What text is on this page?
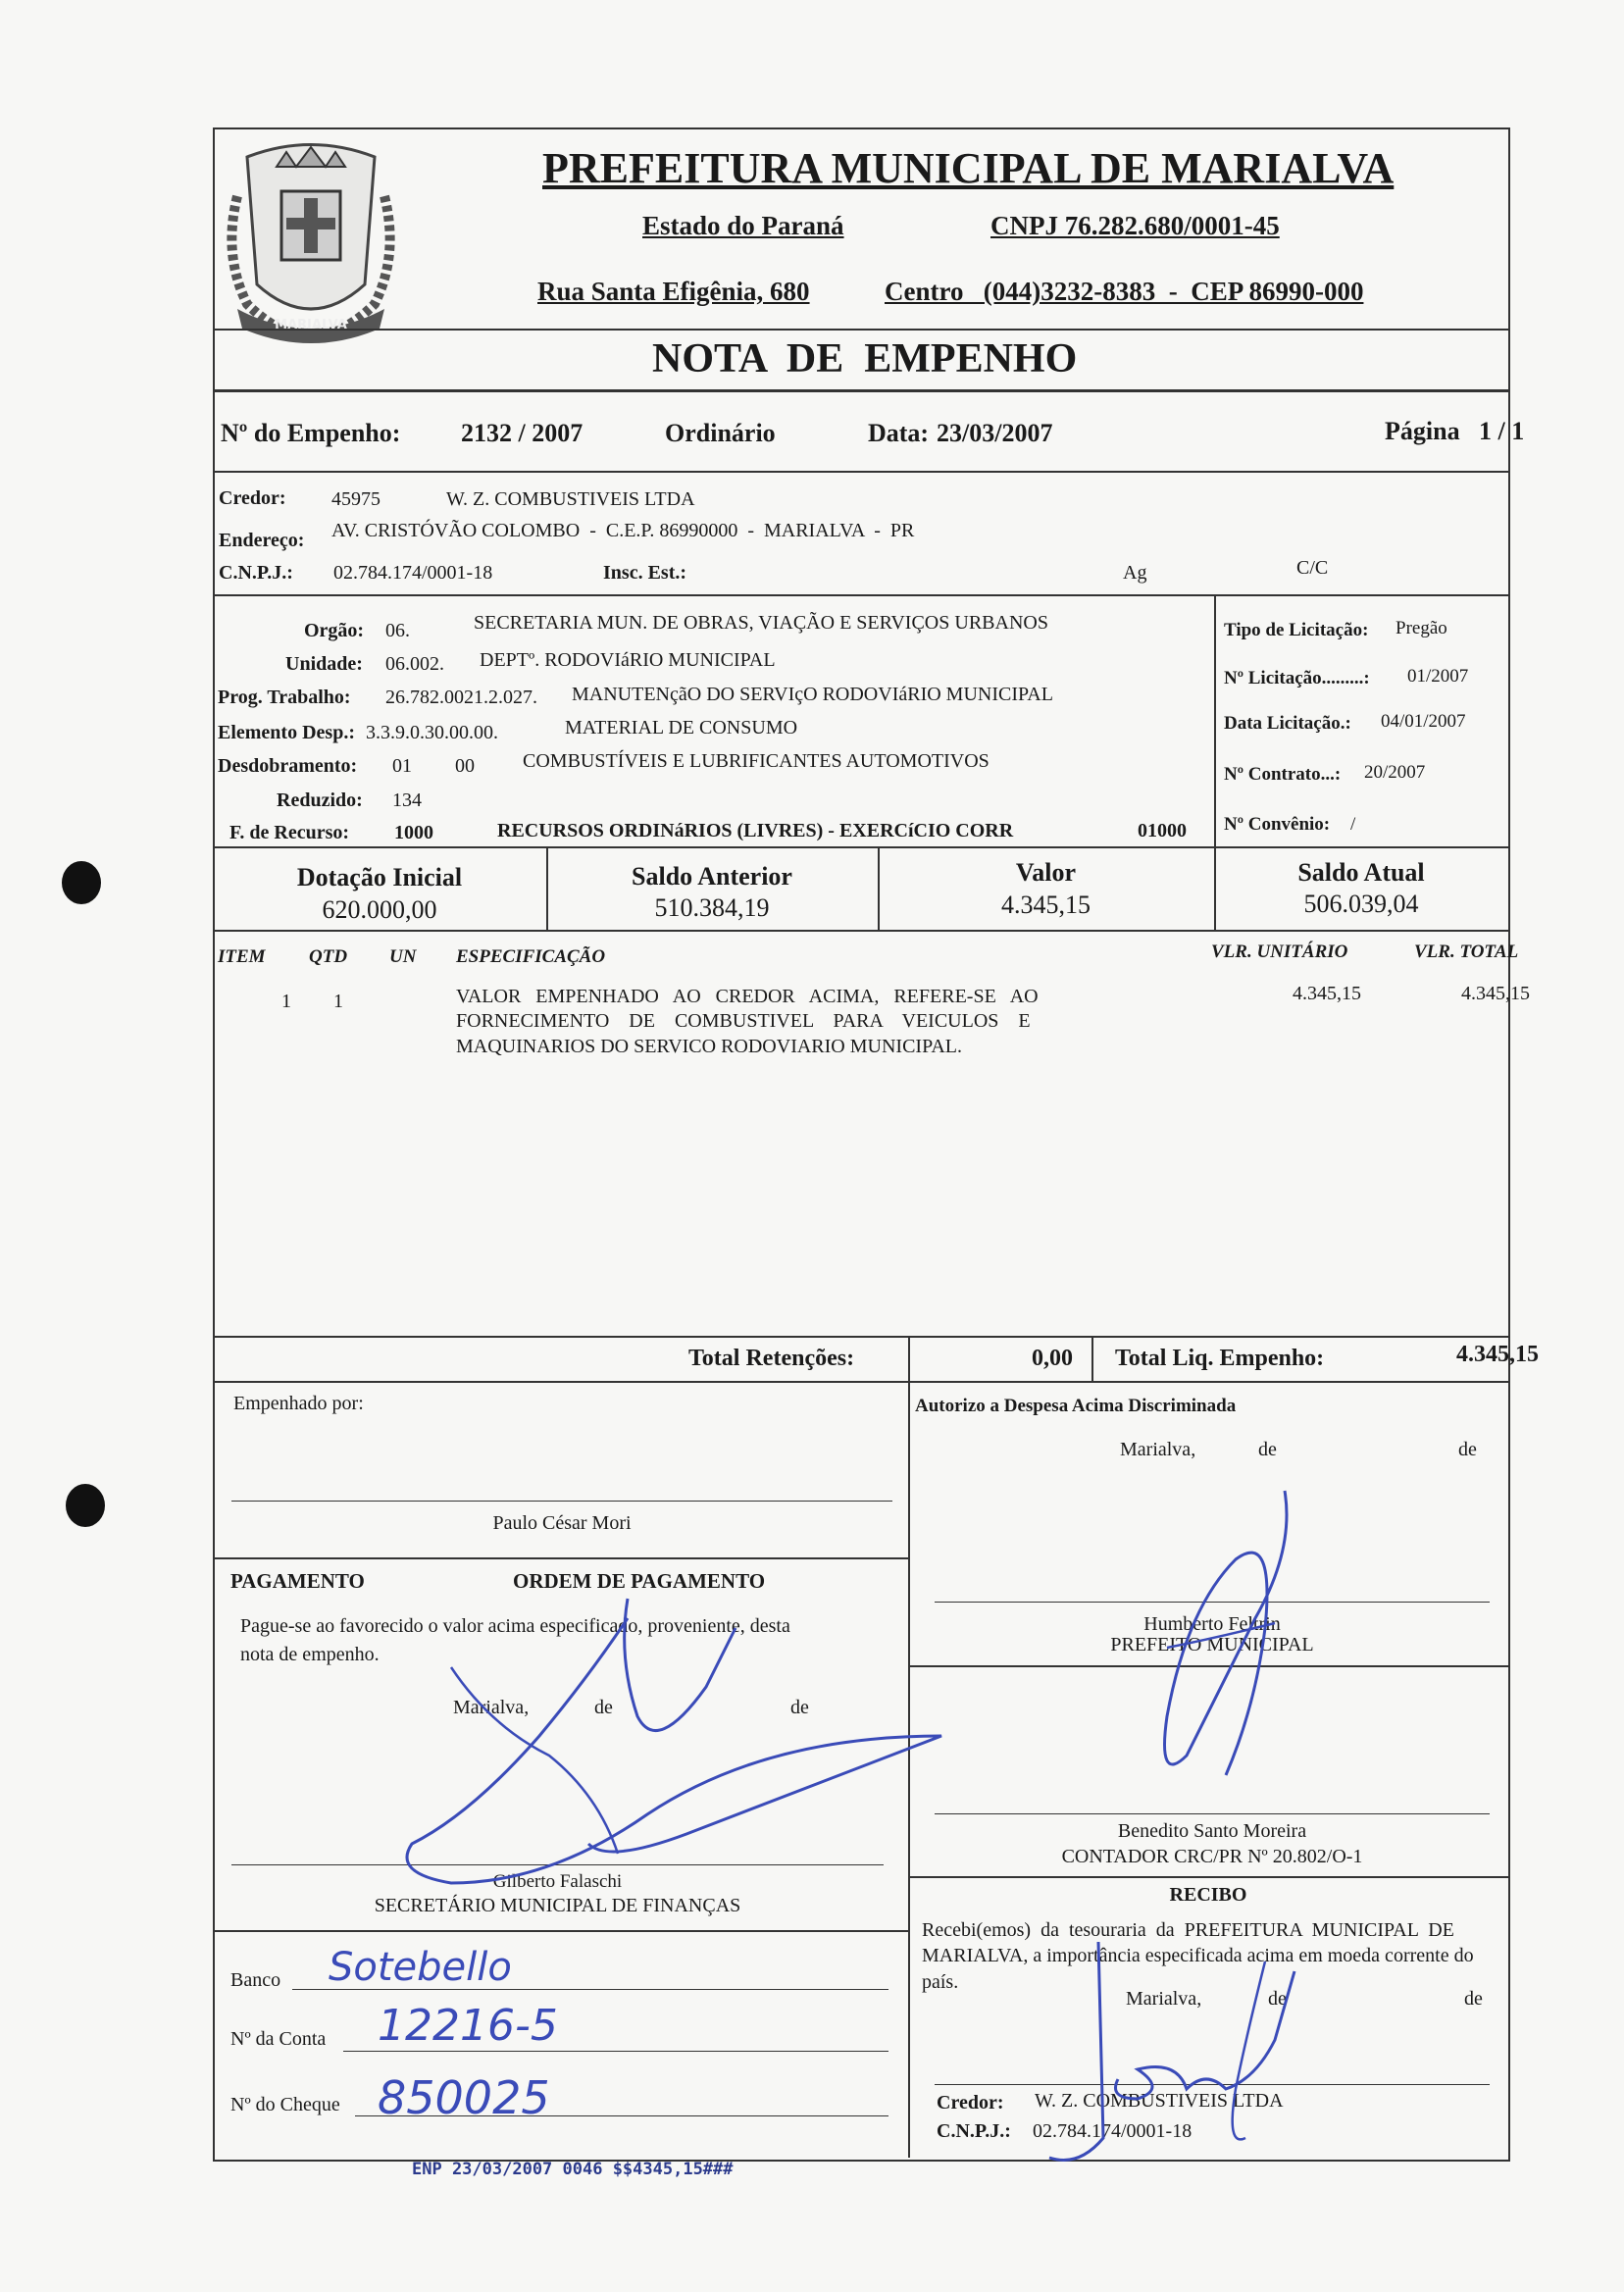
MARIALVA
PREFEITURA MUNICIPAL DE MARIALVA
Estado do Paraná	CNPJ 76.282.680/0001-45
Rua Santa Efigênia, 680	Centro   (044)3232-8383  -  CEP 86990-000
NOTA  DE  EMPENHO
Nº do Empenho: 2132 / 2007	Ordinário	Data: 23/03/2007	Página 1 / 1
Credor: 45975	W. Z. COMBUSTIVEIS LTDA
Endereço: AV. CRISTÓVÃO COLOMBO  -  C.E.P. 86990000  -  MARIALVA  -  PR
C.N.P.J.: 02.784.174/0001-18	Insc. Est.:	Ag	C/C
Orgão: 06.	SECRETARIA MUN. DE OBRAS, VIAÇÃO E SERVIÇOS URBANOS
Unidade: 06.002. DEPTº. RODOVIáRIO MUNICIPAL
Prog. Trabalho: 26.782.0021.2.027. MANUTENçãO DO SERVIçO RODOVIáRIO MUNICIPAL
Elemento Desp.: 3.3.9.0.30.00.00.	MATERIAL DE CONSUMO
Desdobramento: 01 00 COMBUSTÍVEIS E LUBRIFICANTES AUTOMOTIVOS
Reduzido: 134
F. de Recurso: 1000	RECURSOS ORDINáRIOS (LIVRES) - EXERCíCIO CORR	01000
Tipo de Licitação: Pregão
Nº Licitação.........: 01/2007
Data Licitação.: 04/01/2007
Nº Contrato...: 20/2007
Nº Convênio: /
Dotação Inicial
620.000,00
Saldo Anterior
510.384,19
Valor
4.345,15
Saldo Atual
506.039,04
ITEM QTD UN ESPECIFICAÇÃO	VLR. UNITÁRIO	VLR. TOTAL
1 1	VALOR   EMPENHADO   AO   CREDOR   ACIMA,   REFERE-SE   AO
FORNECIMENTO    DE    COMBUSTIVEL    PARA    VEICULOS    E
MAQUINARIOS DO SERVICO RODOVIARIO MUNICIPAL.
4.345,15	4.345,15
Total Retenções:	0,00 Total Liq. Empenho:	4.345,15
Empenhado por:
Paulo César Mori
PAGAMENTO	ORDEM DE PAGAMENTO
Pague-se ao favorecido o valor acima especificado, proveniente, desta
nota de empenho.
Marialva,	de	de
Gilberto Falaschi
SECRETÁRIO MUNICIPAL DE FINANÇAS
Banco Sotebello
Nº da Conta 12216-5
Nº do Cheque 850025
Autorizo a Despesa Acima Discriminada
Marialva,	de	de
Humberto Feltrin
PREFEITO MUNICIPAL
Benedito Santo Moreira
CONTADOR CRC/PR Nº 20.802/O-1
RECIBO
Recebi(emos)  da  tesouraria  da  PREFEITURA  MUNICIPAL  DE
MARIALVA, a importância especificada acima em moeda corrente do
país.
Marialva,	de	de
Credor: W. Z. COMBUSTIVEIS LTDA
C.N.P.J.: 02.784.174/0001-18
ENP 23/03/2007 0046 $$4345,15###
